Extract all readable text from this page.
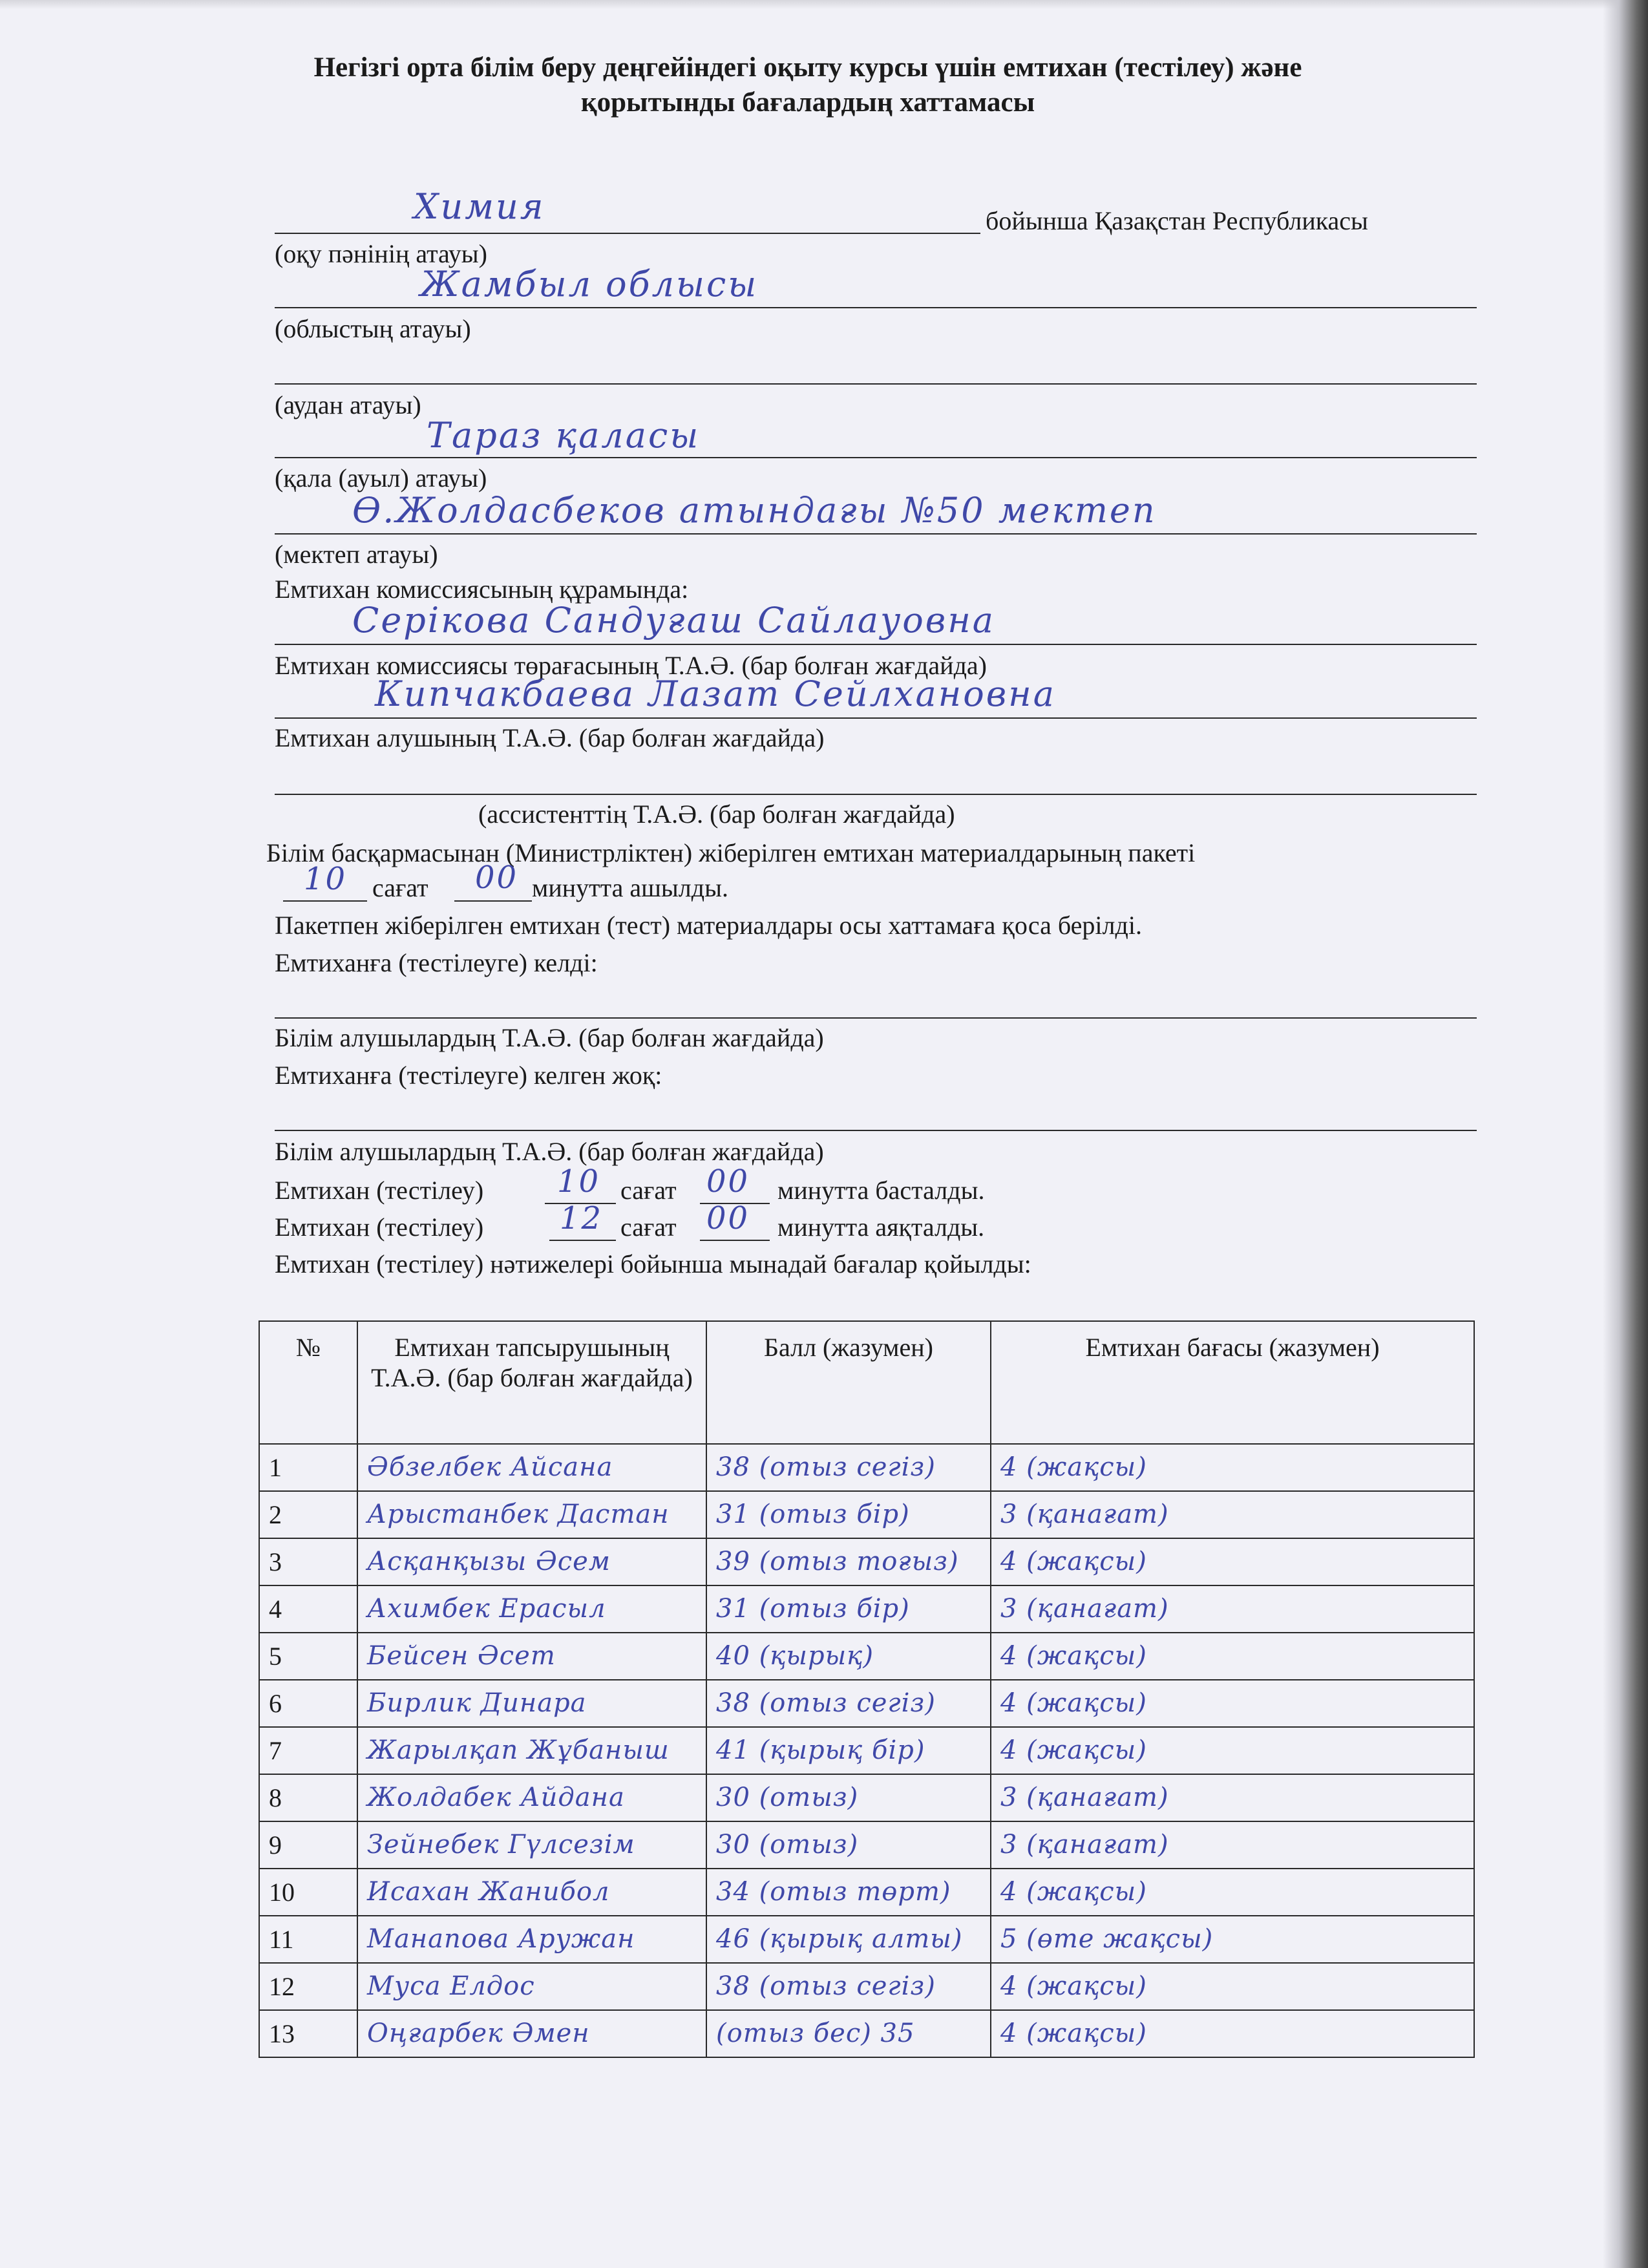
Негізгі орта білім беру деңгейіндегі оқыту курсы үшін емтихан (тестілеу) және
қорытынды бағалардың хаттамасы
Химия	бойынша Қазақстан Республикасы
(оқу пәнінің атауы)
Жамбыл облысы
(облыстың атауы)
(аудан атауы)
Тараз қаласы
(қала (ауыл) атауы)
Ө.Жолдасбеков атындағы №50 мектеп
(мектеп атауы)
Емтихан комиссиясының құрамында:
Серікова Сандуғаш Сайлауовна
Емтихан комиссиясы төрағасының Т.А.Ә. (бар болған жағдайда)
Кипчакбаева Лазат Сейлхановна
Емтихан алушының Т.А.Ә. (бар болған жағдайда)
(ассистенттің Т.А.Ә. (бар болған жағдайда)
Білім басқармасынан (Министрліктен) жіберілген емтихан материалдарының пакеті
10 сағат 00 минутта ашылды.
Пакетпен жіберілген емтихан (тест) материалдары осы хаттамаға қоса берілді.
Емтиханға (тестілеуге) келді:
Білім алушылардың Т.А.Ә. (бар болған жағдайда)
Емтиханға (тестілеуге) келген жоқ:
Білім алушылардың Т.А.Ә. (бар болған жағдайда)
Емтихан (тестілеу) 10 сағат 00 минутта басталды.
Емтихан (тестілеу) 12 сағат 00 минутта аяқталды.
Емтихан (тестілеу) нәтижелері бойынша мынадай бағалар қойылды:
№	Емтихан тапсырушының Т.А.Ә. (бар болған жағдайда)	Балл (жазумен)	Емтихан бағасы (жазумен)
1	Әбзелбек Айсана	38 (отыз сегіз)	4 (жақсы)

2	Арыстанбек Дастан	31 (отыз бір)	3 (қанағат)

3	Асқанқызы Әсем	39 (отыз тоғыз)	4 (жақсы)

4	Ахимбек Ерасыл	31 (отыз бір)	3 (қанағат)

5	Бейсен Әсет	40 (қырық)	4 (жақсы)

6	Бирлик Динара	38 (отыз сегіз)	4 (жақсы)

7	Жарылқап Жұбаныш	41 (қырық бір)	4 (жақсы)

8	Жолдабек Айдана	30 (отыз)	3 (қанағат)

9	Зейнебек Гүлсезім	30 (отыз)	3 (қанағат)

10	Исахан Жанибол	34 (отыз төрт)	4 (жақсы)

11	Манапова Аружан	46 (қырық алты)	5 (өте жақсы)

12	Муса Елдос	38 (отыз сегіз)	4 (жақсы)

13	Оңғарбек Әмен	(отыз бес) 35	4 (жақсы)
